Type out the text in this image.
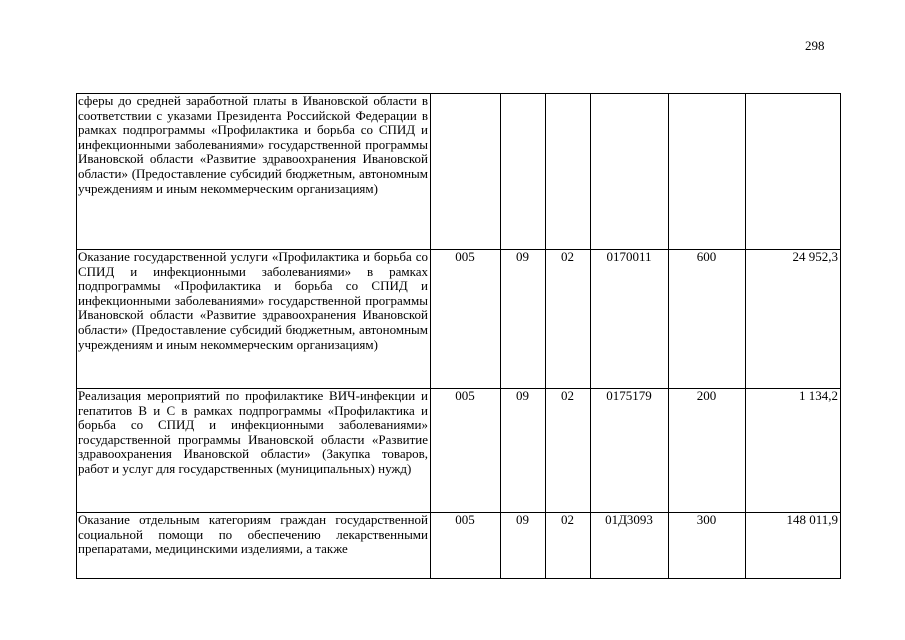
298
сферы до средней заработной платы в Ивановской области в соответствии с указами Президента Российской Федерации в рамках подпрограммы «Профилактика и борьба со СПИД и инфекционными заболеваниями» государственной программы Ивановской области «Развитие здравоохранения Ивановской области» (Предоставление субсидий бюджетным, автономным учреждениям и иным некоммерческим организациям)						

Оказание государственной услуги «Профилактика и борьба со СПИД и инфекционными заболеваниями» в рамках подпрограммы «Профилактика и борьба со СПИД и инфекционными заболеваниями» государственной программы Ивановской области «Развитие здравоохранения Ивановской области» (Предоставление субсидий бюджетным, автономным учреждениям и иным некоммерческим организациям)	005	09	02	0170011	600	24 952,3

Реализация мероприятий по профилактике ВИЧ-инфекции и гепатитов В и С в рамках подпрограммы «Профилактика и борьба со СПИД и инфекционными заболеваниями» государственной программы Ивановской области «Развитие здравоохранения Ивановской области» (Закупка товаров, работ и услуг для государственных (муниципальных) нужд)	005	09	02	0175179	200	1 134,2

Оказание отдельным категориям граждан государственной социальной помощи по обеспечению лекарственными препаратами, медицинскими изделиями, а также	005	09	02	01Д3093	300	148 011,9
